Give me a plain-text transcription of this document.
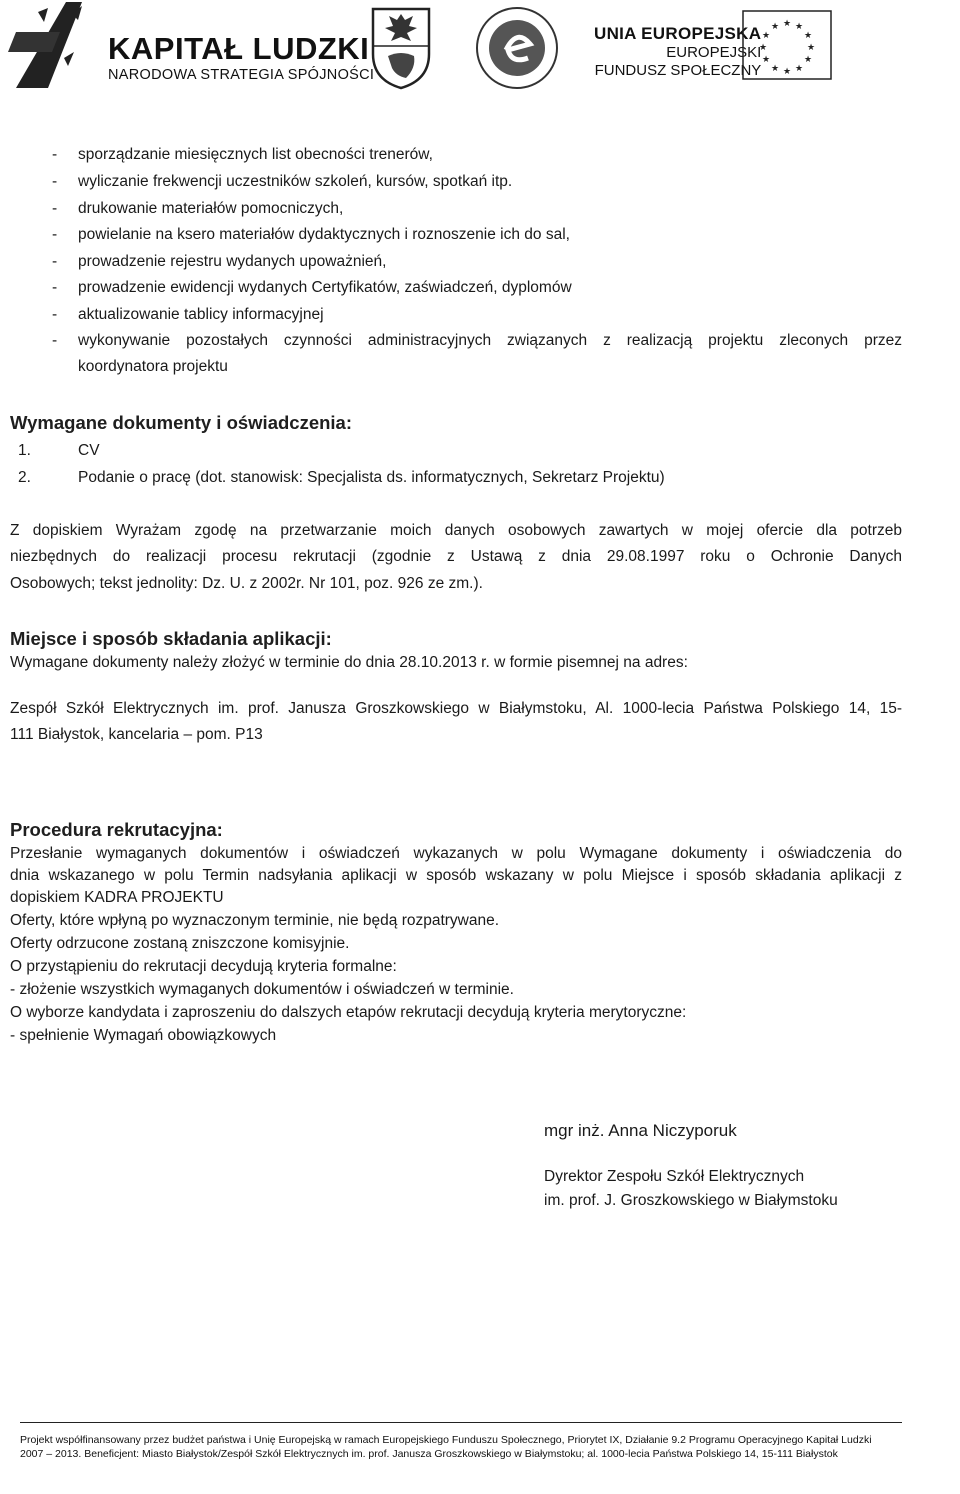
KAPITAŁ LUDZKI
NARODOWA STRATEGIA SPÓJNOŚCI
UNIA EUROPEJSKA
EUROPEJSKI
FUNDUSZ SPOŁECZNY
★ ★
★
★
★
★
★
★
★
★
★
★
- sporządzanie miesięcznych list obecności trenerów,
- wyliczanie frekwencji uczestników szkoleń, kursów, spotkań itp.
- drukowanie materiałów pomocniczych,
- powielanie na ksero materiałów dydaktycznych i roznoszenie ich do sal,
- prowadzenie rejestru wydanych upoważnień,
- prowadzenie ewidencji wydanych Certyfikatów, zaświadczeń, dyplomów
- aktualizowanie tablicy informacyjnej
- wykonywanie pozostałych czynności administracyjnych związanych z realizacją projektu zleconych przez
koordynatora projektu
Wymagane dokumenty i oświadczenia:
1.	CV
2.	Podanie o pracę (dot. stanowisk: Specjalista ds. informatycznych, Sekretarz Projektu)
Z dopiskiem Wyrażam zgodę na przetwarzanie moich danych osobowych zawartych w mojej ofercie dla potrzeb
niezbędnych do realizacji procesu rekrutacji (zgodnie z Ustawą z dnia 29.08.1997 roku o Ochronie Danych
Osobowych; tekst jednolity: Dz. U. z 2002r. Nr 101, poz. 926 ze zm.).
Miejsce i sposób składania aplikacji:
Wymagane dokumenty należy złożyć w terminie do dnia 28.10.2013 r. w formie pisemnej na adres:
Zespół Szkół Elektrycznych im. prof. Janusza Groszkowskiego w Białymstoku, Al. 1000-lecia Państwa Polskiego 14, 15-
111 Białystok, kancelaria – pom. P13
Procedura rekrutacyjna:
Przesłanie wymaganych dokumentów i oświadczeń wykazanych w polu Wymagane dokumenty i oświadczenia do
dnia wskazanego w polu Termin nadsyłania aplikacji w sposób wskazany w polu Miejsce i sposób składania aplikacji z
dopiskiem KADRA PROJEKTU
Oferty, które wpłyną po wyznaczonym terminie, nie będą rozpatrywane.
Oferty odrzucone zostaną zniszczone komisyjnie.
O przystąpieniu do rekrutacji decydują kryteria formalne:
- złożenie wszystkich wymaganych dokumentów i oświadczeń w terminie.
O wyborze kandydata i zaproszeniu do dalszych etapów rekrutacji decydują kryteria merytoryczne:
- spełnienie Wymagań obowiązkowych
mgr inż. Anna Niczyporuk
Dyrektor Zespołu Szkół Elektrycznych
im. prof. J. Groszkowskiego w Białymstoku
Projekt współfinansowany przez budżet państwa i Unię Europejską w ramach Europejskiego Funduszu Społecznego, Priorytet IX, Działanie 9.2 Programu Operacyjnego Kapitał Ludzki
2007 – 2013. Beneficjent: Miasto Białystok/Zespół Szkół Elektrycznych im. prof. Janusza Groszkowskiego w Białymstoku; al. 1000-lecia Państwa Polskiego 14, 15-111 Białystok
